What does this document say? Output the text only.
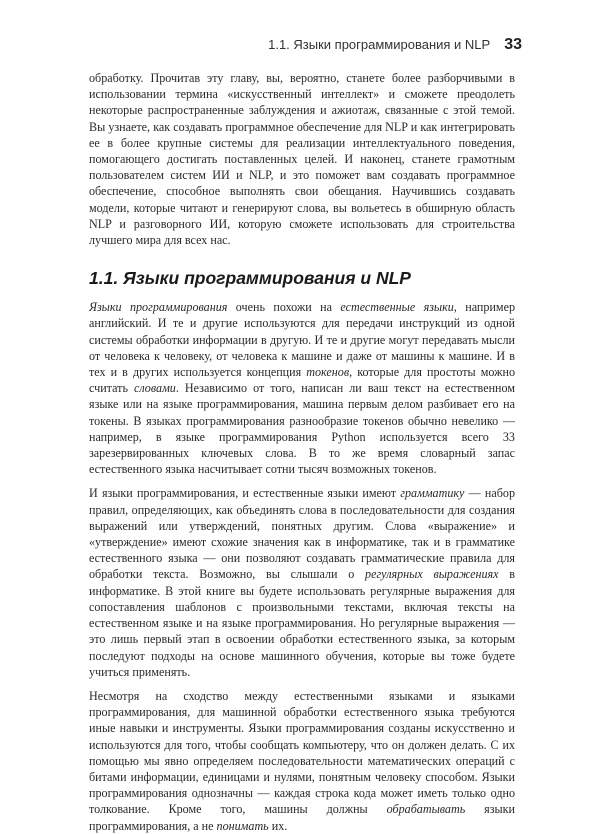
1.1. Языки программирования и NLP 33

обработку. Прочитав эту главу, вы, вероятно, станете более разборчивыми в использовании термина «искусственный интеллект» и сможете преодолеть некоторые распространенные заблуждения и ажиотаж, связанные с этой темой. Вы узнаете, как создавать программное обеспечение для NLP и как интегрировать ее в более крупные системы для реализации интеллектуального поведения, помогающего достигать поставленных целей. И наконец, станете грамотным пользователем систем ИИ и NLP, и это поможет вам создавать программное обеспечение, способное выполнять свои обещания. Научившись создавать модели, которые читают и генерируют слова, вы вольетесь в обширную область NLP и разговорного ИИ, которую сможете использовать для строительства лучшего мира для всех нас.

1.1. Языки программирования и NLP

Языки программирования очень похожи на естественные языки, например английский. И те и другие используются для передачи инструкций из одной системы обработки информации в другую. И те и другие могут передавать мысли от человека к человеку, от человека к машине и даже от машины к машине. И в тех и в других используется концепция токенов, которые для простоты можно считать словами. Независимо от того, написан ли ваш текст на естественном языке или на языке программирования, машина первым делом разбивает его на токены. В языках программирования разнообразие токенов обычно невелико — например, в языке программирования Python используется всего 33 зарезервированных ключевых слова. В то же время словарный запас естественного языка насчитывает сотни тысяч возможных токенов.

И языки программирования, и естественные языки имеют грамматику — набор правил, определяющих, как объединять слова в последовательности для создания выражений или утверждений, понятных другим. Слова «выражение» и «утверждение» имеют схожие значения как в информатике, так и в грамматике естественного языка — они позволяют создавать грамматические правила для обработки текста. Возможно, вы слышали о регулярных выражениях в информатике. В этой книге вы будете использовать регулярные выражения для сопоставления шаблонов с произвольными текстами, включая тексты на естественном языке и на языке программирования. Но регулярные выражения — это лишь первый этап в освоении обработки естественного языка, за которым последуют подходы на основе машинного обучения, которые вы тоже будете учиться применять.

Несмотря на сходство между естественными языками и языками программирования, для машинной обработки естественного языка требуются иные навыки и инструменты. Языки программирования созданы искусственно и используются для того, чтобы сообщать компьютеру, что он должен делать. С их помощью мы явно определяем последовательности математических операций с битами информации, единицами и нулями, понятным человеку способом. Языки программирования однозначны — каждая строка кода может иметь только одно толкование. Кроме того, машины должны обрабатывать языки программирования, а не понимать их.
